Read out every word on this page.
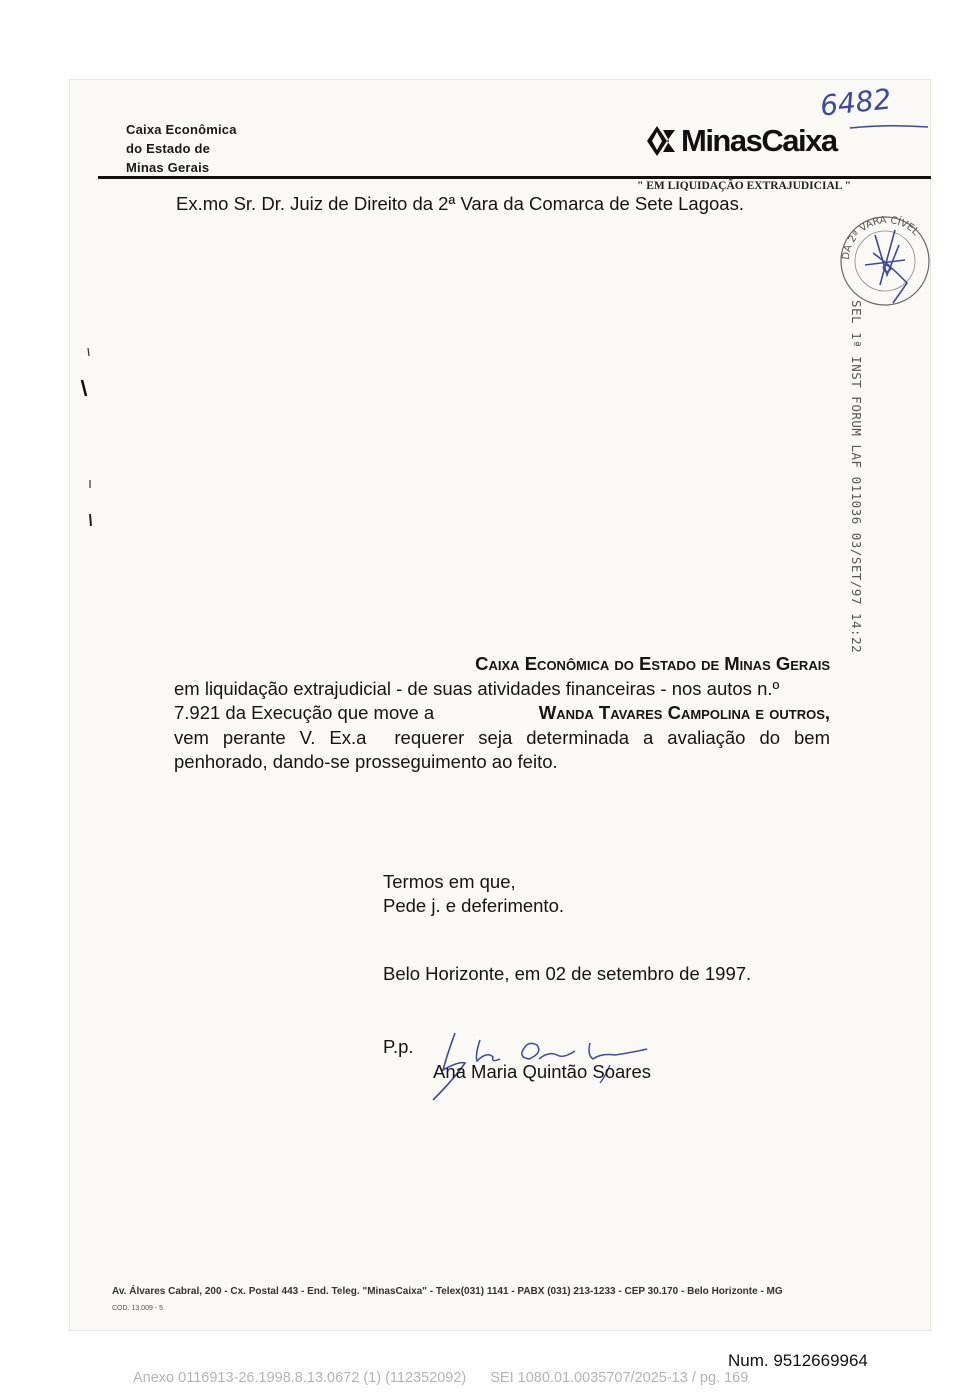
Caixa Econômica
do Estado de
Minas Gerais
6482
MinasCaixa
" EM LIQUIDAÇÃO EXTRAJUDICIAL "
Ex.mo Sr. Dr. Juiz de Direito da 2ª Vara da Comarca de Sete Lagoas.
DA 2ª VARA CÍVEL
SEL 1ª INST FORUM LAF 011036 03/SET/97 14:22

Caixa Econômica do Estado de Minas Gerais

em liquidação extrajudicial - de suas atividades financeiras - nos autos n.º

7.921 da Execução que move a	Wanda Tavares Campolina e outros,

vem perante V. Ex.a  requerer seja determinada a avaliação do bem

penhorado, dando-se prosseguimento ao feito.

Termos em que,
Pede j. e deferimento.
Belo Horizonte, em 02 de setembro de 1997.
P.p.
Ana Maria Quintão Soares
Av. Álvares Cabral, 200 - Cx. Postal 443 - End. Teleg. "MinasCaixa" - Telex(031) 1141 - PABX (031) 213-1233 - CEP 30.170 - Belo Horizonte - MG
COD. 13.009 - 5
Num. 9512669964
Anexo 0116913-26.1998.8.13.0672 (1) (112352092) SEI 1080.01.0035707/2025-13 / pg. 169
